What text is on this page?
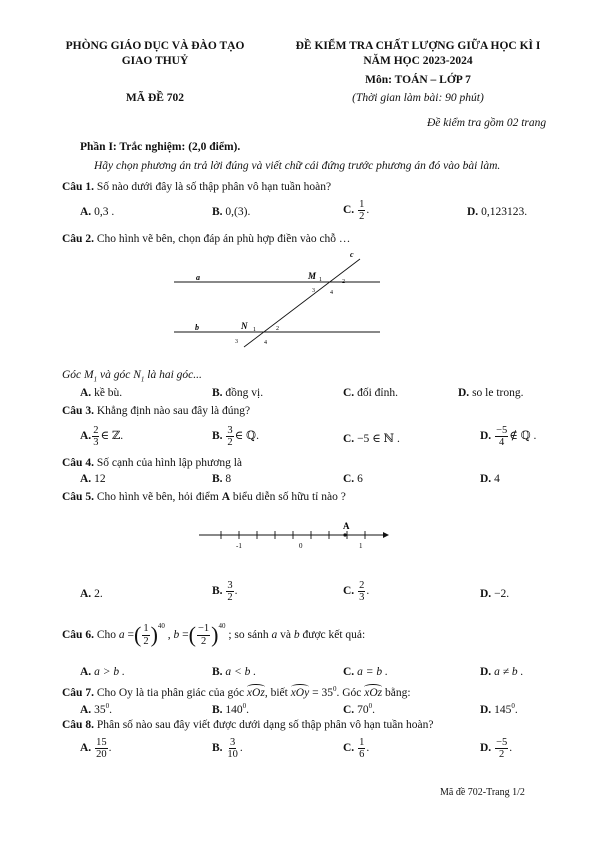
PHÒNG GIÁO DỤC VÀ ĐÀO TẠO
GIAO THUỶ
MÃ ĐỀ 702
ĐỀ KIỂM TRA CHẤT LƯỢNG GIỮA HỌC KÌ I
NĂM HỌC 2023-2024
Môn: TOÁN – LỚP 7
(Thời gian làm bài: 90 phút)
Đề kiểm tra gồm 02 trang
Phần I: Trắc nghiệm: (2,0 điểm).
Hãy chọn phương án trả lời đúng và viết chữ cái đứng trước phương án đó vào bài làm.
Câu 1. Số nào dưới đây là số thập phân vô hạn tuần hoàn?
A. 0,3 .	B. 0,(3).	C. $\frac{1}{2}$ .	D. 0,123123.
Câu 2. Cho hình vẽ bên, chọn đáp án phù hợp điền vào chỗ …
c
a
b
M 1	2
3	4
N 1	2
3	4
Góc $M_1$ và góc $N_1$ là hai góc...
A. kề bù.	B. đồng vị.	C. đối đỉnh.	D. so le trong.
Câu 3. Khẳng định nào sau đây là đúng?
A. $\frac{2}{3}$ ∈ ℤ.	B. $\frac{3}{2}$ ∈ ℚ.	C. −5 ∈ ℕ .	D. $\frac{-5}{4}$ ∉ ℚ .
Câu 4. Số cạnh của hình lập phương là
A. 12	B. 8	C. 6	D. 4
Câu 5. Cho hình vẽ bên, hỏi điểm A biểu diễn số hữu tỉ nào ?
A
-1	0	1
A. 2.	B. $\frac{3}{2}$ .	C. $\frac{2}{3}$ .	D. −2.
Câu 6.
Cho
a = ( $\frac{1}{2}$ ) 40
, b = ( $\frac{-1}{2}$ ) 40

; so sánh
a
và
b
được kết quả:
A. a > b .	B. a < b .	C. a = b .	D. a ≠ b .
Câu 7. Cho Oy là tia phân giác của góc xOz, biết xOy = $35^0$. Góc xOz bằng:
A. $35^0$.	B. $140^0$.	C. $70^0$.	D. $145^0$.
Câu 8. Phân số nào sau đây viết được dưới dạng số thập phân vô hạn tuần hoàn?
A. $\frac{15}{20}$ .	B. $\frac{3}{10}$ .	C. $\frac{1}{6}$ .	D. $\frac{-5}{2}$ .
Mã đề 702-Trang 1/2
